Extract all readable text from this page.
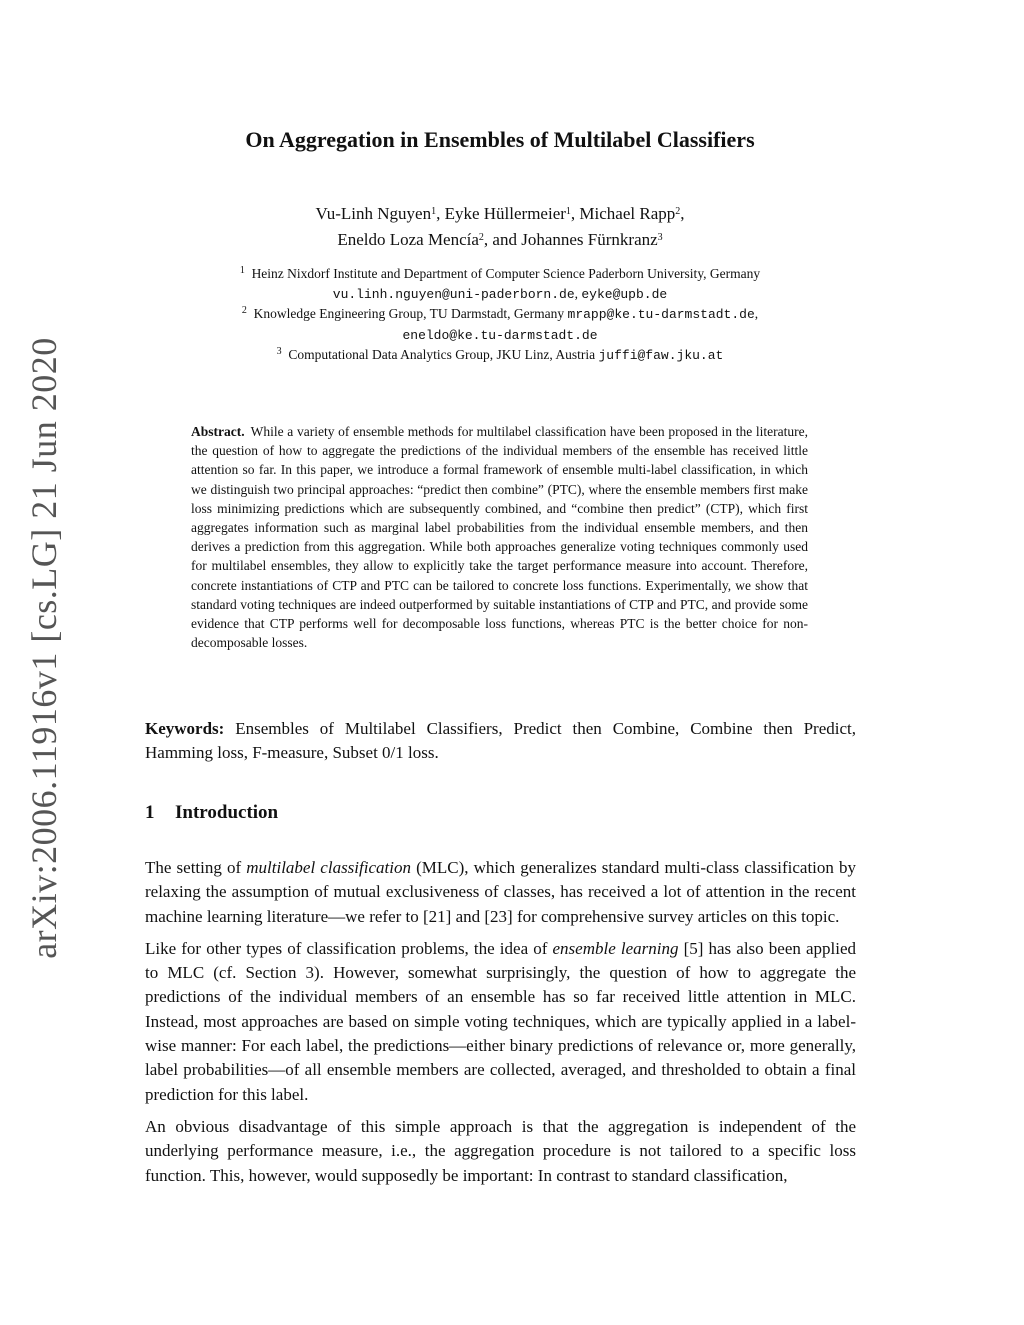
arXiv:2006.11916v1 [cs.LG] 21 Jun 2020
On Aggregation in Ensembles of Multilabel Classifiers
Vu-Linh Nguyen$^1$, Eyke Hüllermeier$^1$, Michael Rapp$^2$,
Eneldo Loza Mencía$^2$, and Johannes Fürnkranz$^3$
$^1$ Heinz Nixdorf Institute and Department of Computer Science Paderborn University, Germany
vu.linh.nguyen@uni-paderborn.de, eyke@upb.de
$^2$ Knowledge Engineering Group, TU Darmstadt, Germany mrapp@ke.tu-darmstadt.de,
eneldo@ke.tu-darmstadt.de
$^3$ Computational Data Analytics Group, JKU Linz, Austria juffi@faw.jku.at
Abstract. While a variety of ensemble methods for multilabel classification have been proposed in the literature, the question of how to aggregate the predictions of the individual members of the ensemble has received little attention so far. In this paper, we introduce a formal framework of ensemble multi-label classification, in which we distinguish two principal approaches: “predict then combine” (PTC), where the ensemble members first make loss minimizing predictions which are subsequently combined, and “combine then predict” (CTP), which first aggregates information such as marginal label probabilities from the individual ensemble members, and then derives a prediction from this aggregation. While both approaches generalize voting techniques commonly used for multilabel ensembles, they allow to explicitly take the target performance measure into account. Therefore, concrete instantiations of CTP and PTC can be tailored to concrete loss functions. Experimentally, we show that standard voting techniques are indeed outperformed by suitable instantiations of CTP and PTC, and provide some evidence that CTP performs well for decomposable loss functions, whereas PTC is the better choice for non-decomposable losses.
Keywords: Ensembles of Multilabel Classifiers, Predict then Combine, Combine then Predict, Hamming loss, F-measure, Subset 0/1 loss.
1 Introduction

The setting of multilabel classification (MLC), which generalizes standard multi-class classification by relaxing the assumption of mutual exclusiveness of classes, has received a lot of attention in the recent machine learning literature—we refer to [21] and [23] for comprehensive survey articles on this topic.

Like for other types of classification problems, the idea of ensemble learning [5] has also been applied to MLC (cf. Section 3). However, somewhat surprisingly, the question of how to aggregate the predictions of the individual members of an ensemble has so far received little attention in MLC. Instead, most approaches are based on simple voting techniques, which are typically applied in a label-wise manner: For each label, the predictions—either binary predictions of relevance or, more generally, label probabilities—of all ensemble members are collected, averaged, and thresholded to obtain a final prediction for this label.

An obvious disadvantage of this simple approach is that the aggregation is independent of the underlying performance measure, i.e., the aggregation procedure is not tailored to a specific loss function. This, however, would supposedly be important: In contrast to standard classification,
